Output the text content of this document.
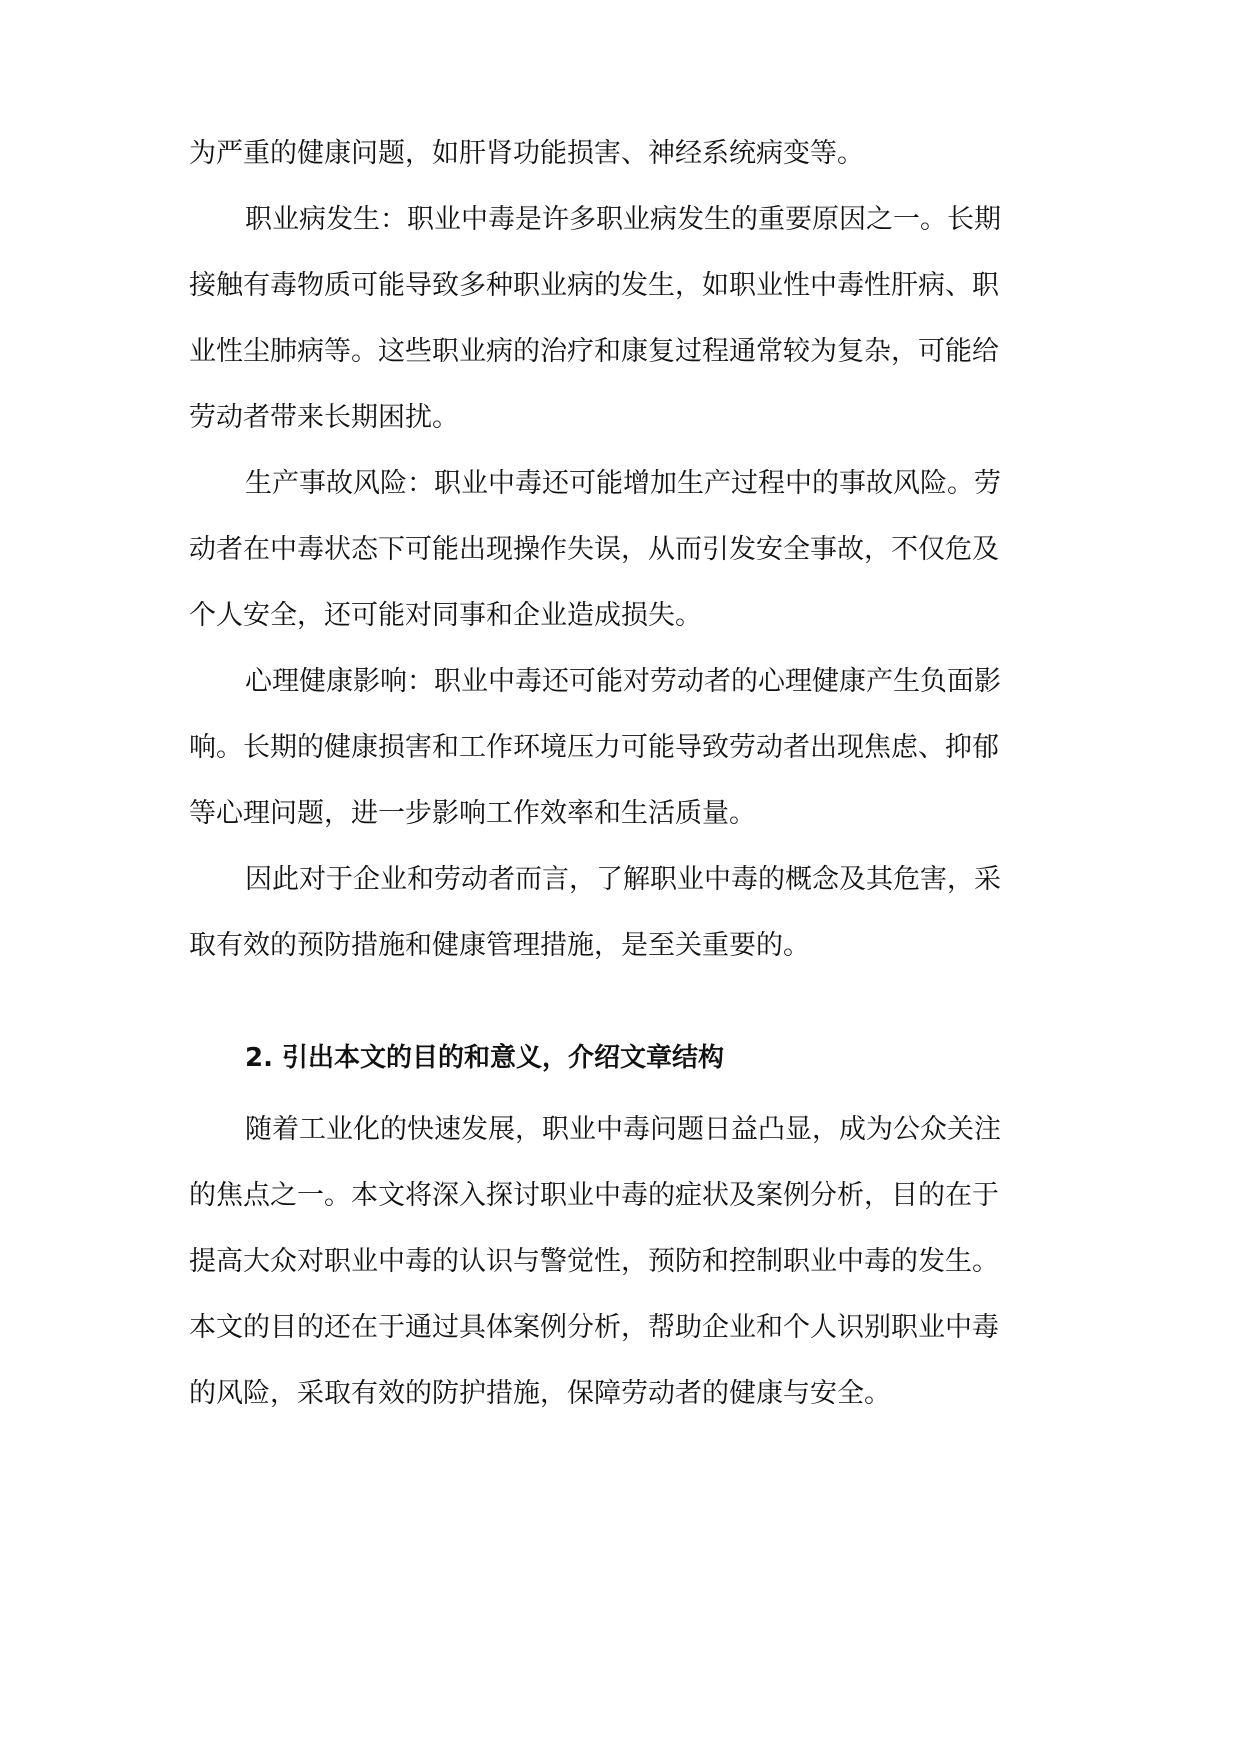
为严重的健康问题，如肝肾功能损害、神经系统病变等。
职业病发生：职业中毒是许多职业病发生的重要原因之一。长期
接触有毒物质可能导致多种职业病的发生，如职业性中毒性肝病、职
业性尘肺病等。这些职业病的治疗和康复过程通常较为复杂，可能给
劳动者带来长期困扰。
生产事故风险：职业中毒还可能增加生产过程中的事故风险。劳
动者在中毒状态下可能出现操作失误，从而引发安全事故，不仅危及
个人安全，还可能对同事和企业造成损失。
心理健康影响：职业中毒还可能对劳动者的心理健康产生负面影
响。长期的健康损害和工作环境压力可能导致劳动者出现焦虑、抑郁
等心理问题，进一步影响工作效率和生活质量。
因此对于企业和劳动者而言，了解职业中毒的概念及其危害，采
取有效的预防措施和健康管理措施，是至关重要的。
2. 引出本文的目的和意义，介绍文章结构
随着工业化的快速发展，职业中毒问题日益凸显，成为公众关注
的焦点之一。本文将深入探讨职业中毒的症状及案例分析，目的在于
提高大众对职业中毒的认识与警觉性，预防和控制职业中毒的发生。
本文的目的还在于通过具体案例分析，帮助企业和个人识别职业中毒
的风险，采取有效的防护措施，保障劳动者的健康与安全。
